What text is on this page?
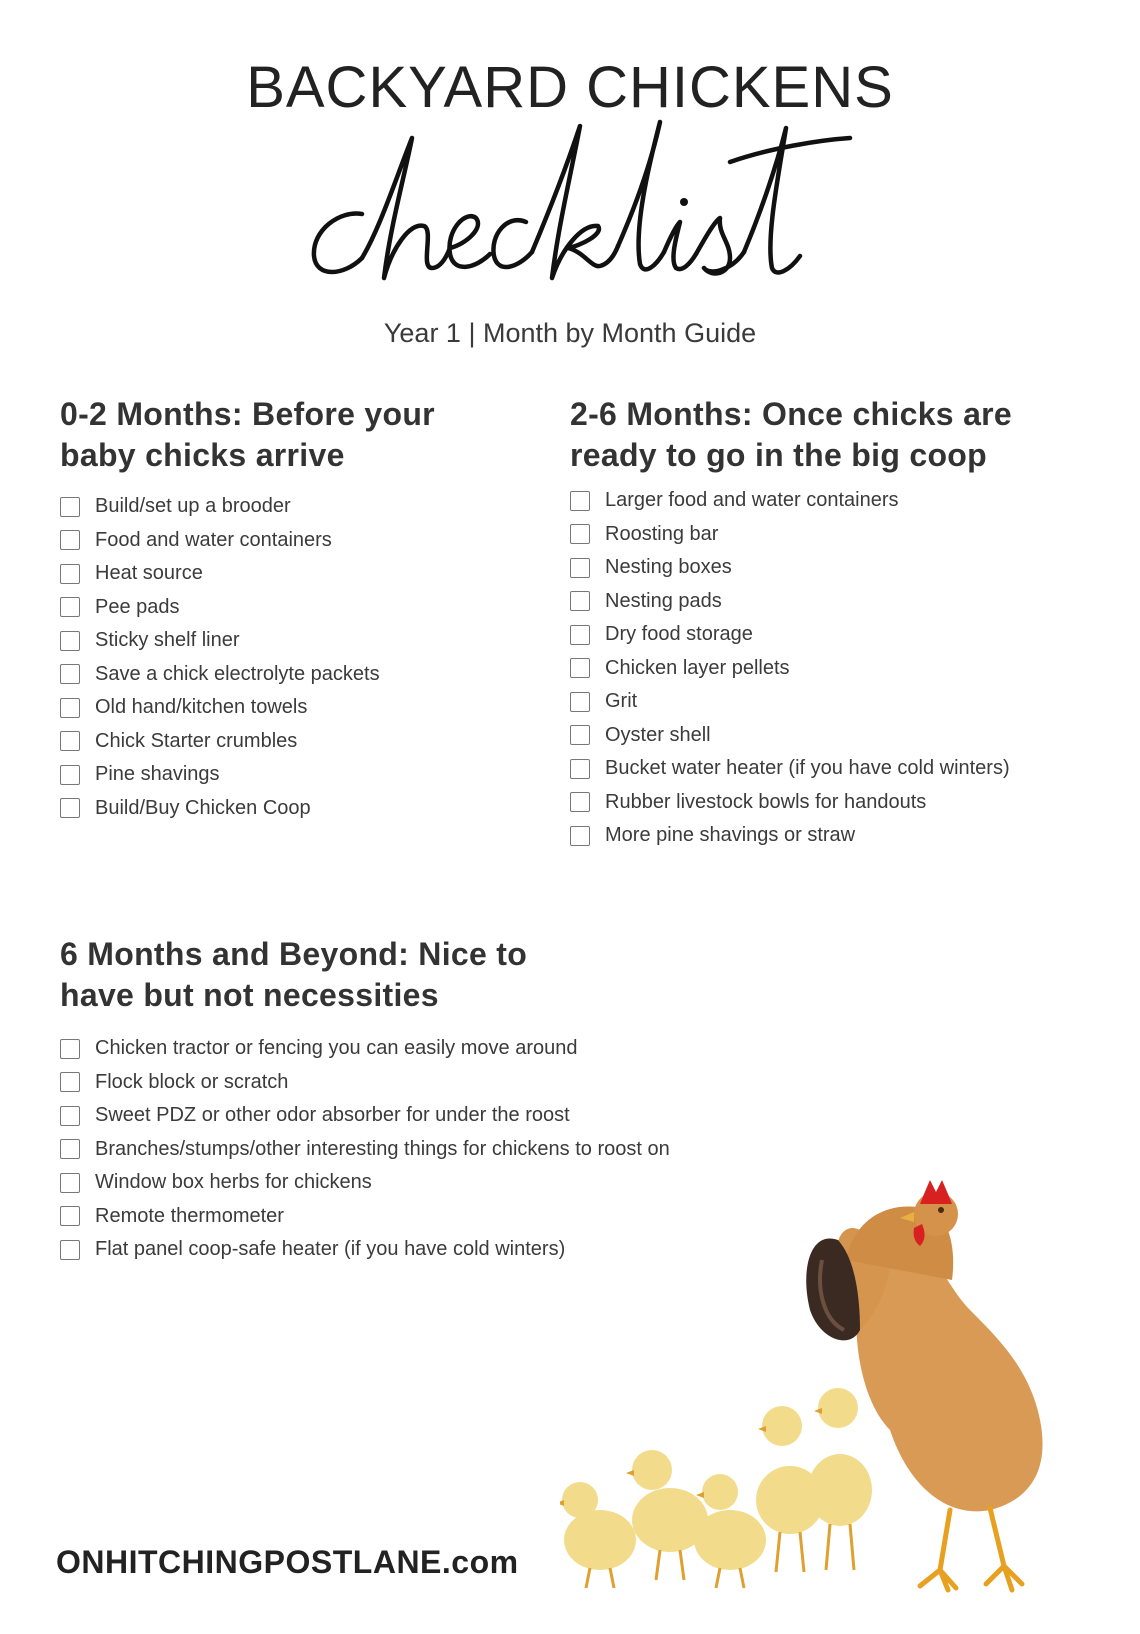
BACKYARD CHICKENS
Year 1 | Month by Month Guide
0-2 Months: Before your
baby chicks arrive
Build/set up a brooder
Food and water containers
Heat source
Pee pads
Sticky shelf liner
Save a chick electrolyte packets
Old hand/kitchen towels
Chick Starter crumbles
Pine shavings
Build/Buy Chicken Coop
2-6 Months: Once chicks are
ready to go in the big coop
Larger food and water containers
Roosting bar
Nesting boxes
Nesting pads
Dry food storage
Chicken layer pellets
Grit
Oyster shell
Bucket water heater (if you have cold winters)
Rubber livestock bowls for handouts
More pine shavings or straw
6 Months and Beyond: Nice to
have but not necessities
Chicken tractor or fencing you can easily move around
Flock block or scratch
Sweet PDZ or other odor absorber for under the roost
Branches/stumps/other interesting things for chickens to roost on
Window box herbs for chickens
Remote thermometer
Flat panel coop-safe heater (if you have cold winters)
ONHITCHINGPOSTLANE.com
